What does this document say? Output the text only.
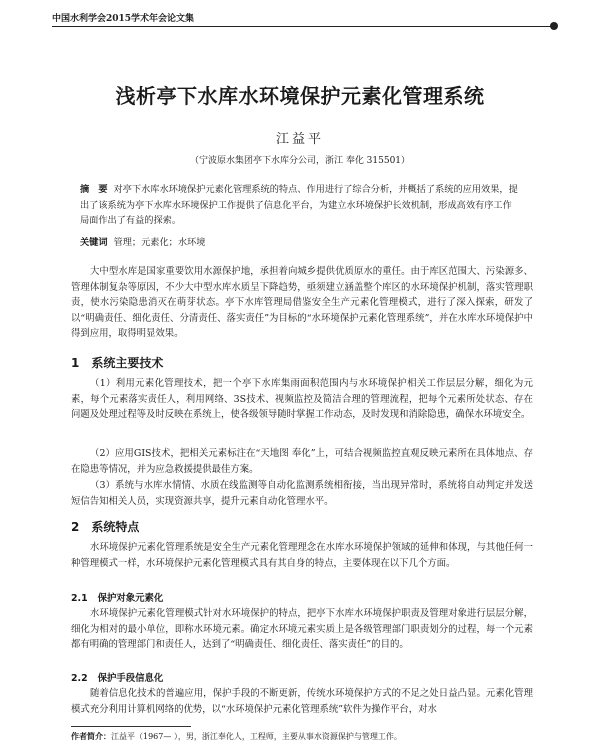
中国水利学会2015学术年会论文集
浅析亭下水库水环境保护元素化管理系统
江益平
（宁波原水集团亭下水库分公司，浙江 奉化 315501）
摘　要 对亭下水库水环境保护元素化管理系统的特点、作用进行了综合分析，并概括了系统的应用效果，提出了该系统为亭下水库水环境保护工作提供了信息化平台，为建立水环境保护长效机制，形成高效有序工作局面作出了有益的探索。
关键词 管理；元素化；水环境
大中型水库是国家重要饮用水源保护地，承担着向城乡提供优质原水的重任。由于库区范围大、污染源多、管理体制复杂等原因，不少大中型水库水质呈下降趋势，亟须建立涵盖整个库区的水环境保护机制，落实管理职责，使水污染隐患消灭在萌芽状态。亭下水库管理局借鉴安全生产元素化管理模式，进行了深入探索，研发了以“明确责任、细化责任、分清责任、落实责任”为目标的“水环境保护元素化管理系统”，并在水库水环境保护中得到应用，取得明显效果。
1 系统主要技术
（1）利用元素化管理技术，把一个亭下水库集雨面积范围内与水环境保护相关工作层层分解，细化为元素，每个元素落实责任人，利用网络、3S技术、视频监控及简洁合理的管理流程，把每个元素所处状态、存在问题及处理过程等及时反映在系统上，使各级领导随时掌握工作动态，及时发现和消除隐患，确保水环境安全。
（2）应用GIS技术，把相关元素标注在“天地图 奉化”上，可结合视频监控直观反映元素所在具体地点、存在隐患等情况，并为应急救援提供最佳方案。
（3）系统与水库水情情、水质在线监测等自动化监测系统相衔接，当出现异常时，系统将自动判定并发送短信告知相关人员，实现资源共享，提升元素自动化管理水平。
2 系统特点
水环境保护元素化管理系统是安全生产元素化管理理念在水库水环境保护领域的延伸和体现，与其他任何一种管理模式一样，水环境保护元素化管理模式具有其自身的特点，主要体现在以下几个方面。
2.1 保护对象元素化
水环境保护元素化管理模式针对水环境保护的特点，把亭下水库水环境保护职责及管理对象进行层层分解，细化为相对的最小单位，即称水环境元素。确定水环境元素实质上是各级管理部门职责划分的过程，每一个元素都有明确的管理部门和责任人，达到了“明确责任、细化责任、落实责任”的目的。
2.2 保护手段信息化
随着信息化技术的普遍应用，保护手段的不断更新，传统水环境保护方式的不足之处日益凸显。元素化管理模式充分利用计算机网络的优势，以“水环境保护元素化管理系统”软件为操作平台，对水
作者简介：江益平（1967— ），男，浙江奉化人，工程师，主要从事水资源保护与管理工作。
